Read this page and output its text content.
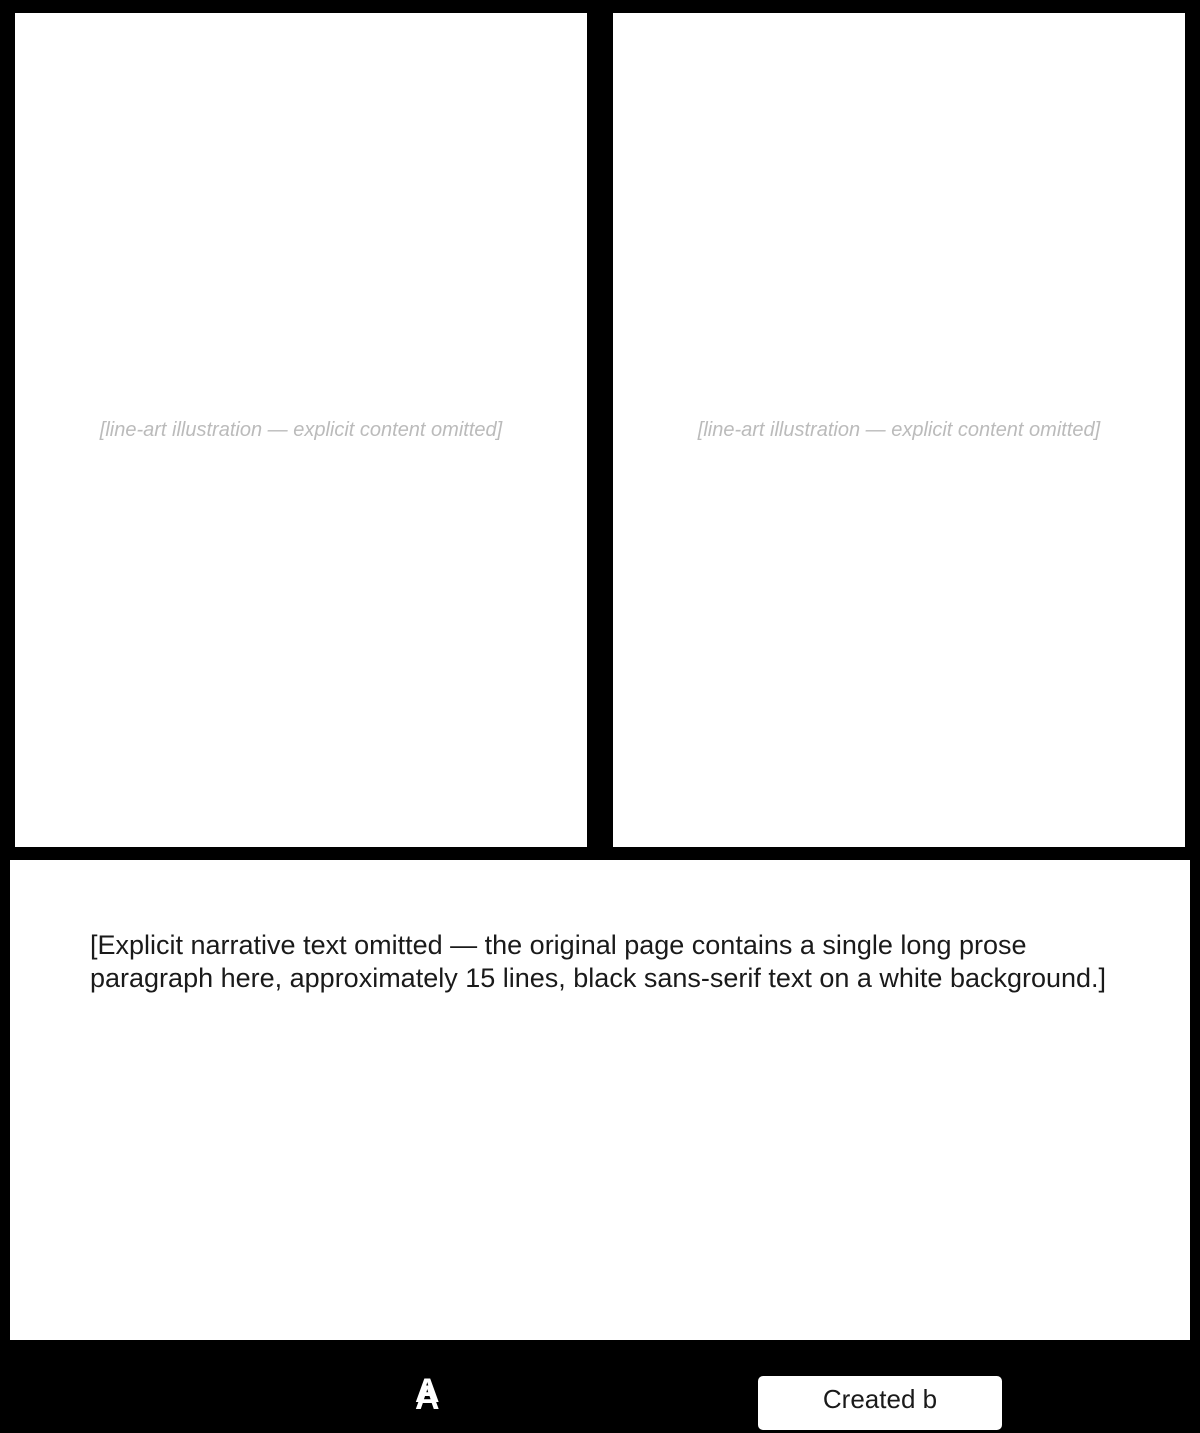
[line-art illustration — explicit content omitted]	[line-art illustration — explicit content omitted]

[Explicit narrative text omitted — the original page contains a single long prose paragraph here, approximately 15 lines, black sans-serif text on a white background.]

A A	Created b
